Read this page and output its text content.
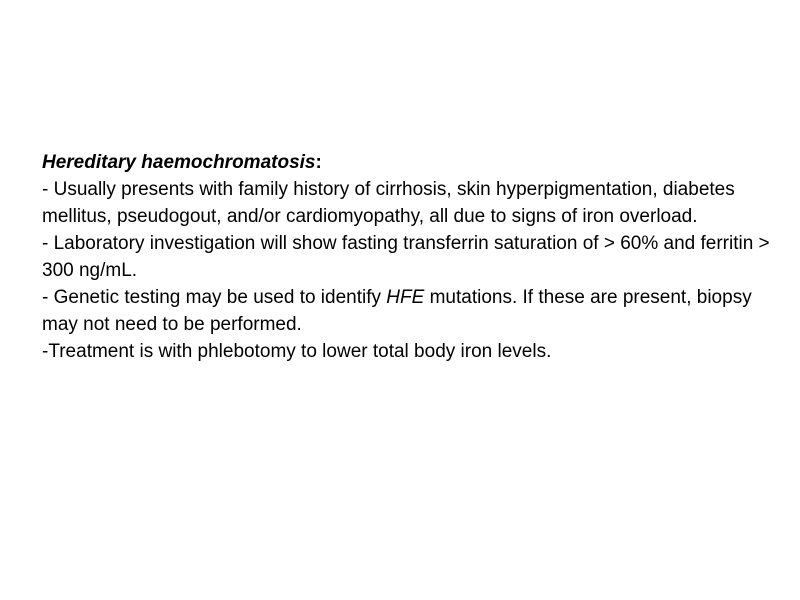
Hereditary haemochromatosis:

- Usually presents with family history of cirrhosis, skin hyperpigmentation, diabetes mellitus, pseudogout, and/or cardiomyopathy, all due to signs of iron overload.

- Laboratory investigation will show fasting transferrin saturation of > 60% and ferritin > 300 ng/mL.

- Genetic testing may be used to identify HFE mutations. If these are present, biopsy may not need to be performed.

-Treatment is with phlebotomy to lower total body iron levels.
